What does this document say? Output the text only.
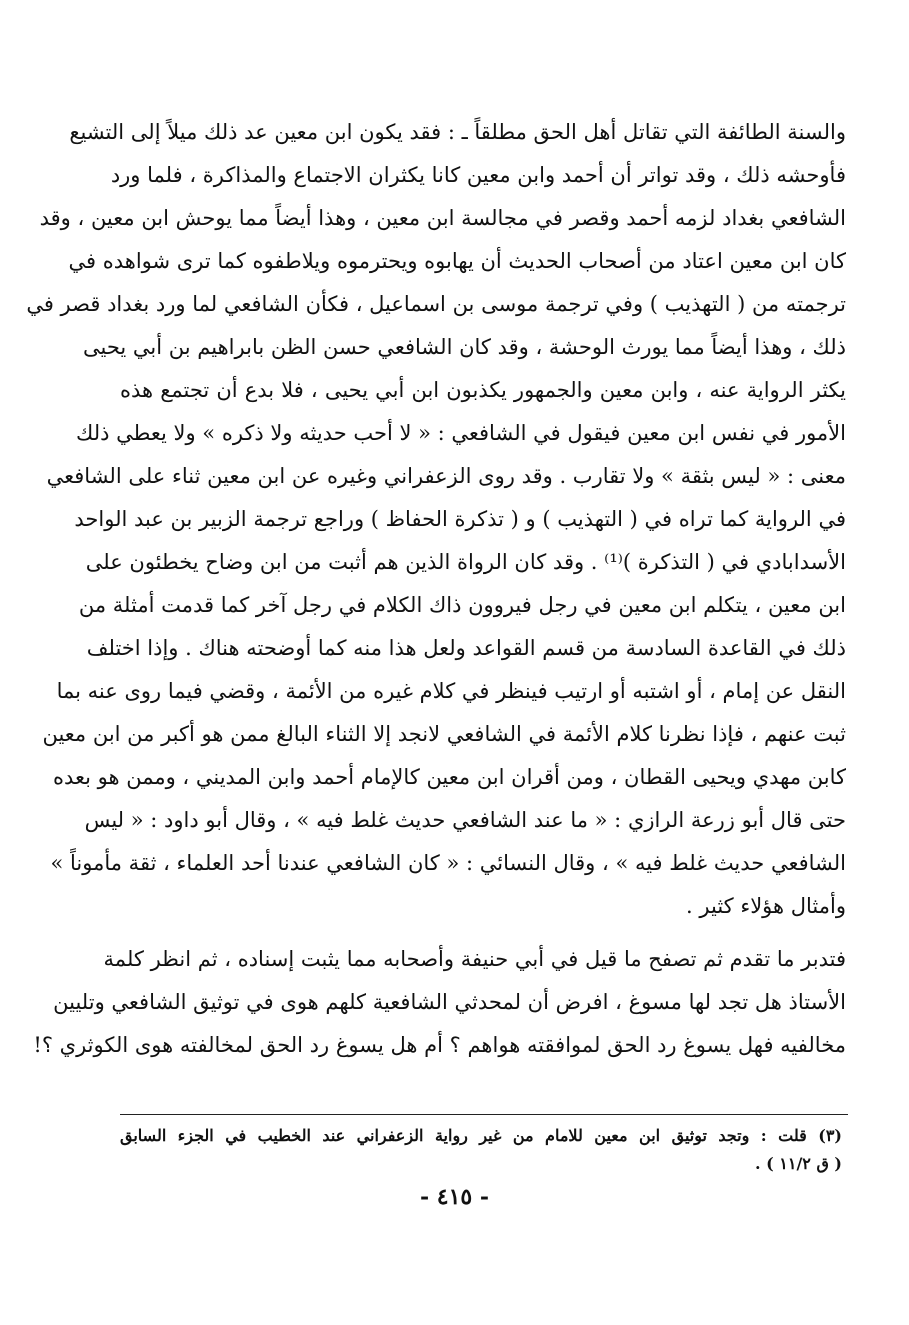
والسنة الطائفة التي تقاتل أهل الحق مطلقاً ـ : فقد يكون ابن معين عد ذلك ميلاً إلى التشيع
فأوحشه ذلك ، وقد تواتر أن أحمد وابن معين كانا يكثران الاجتماع والمذاكرة ، فلما ورد
الشافعي بغداد لزمه أحمد وقصر في مجالسة ابن معين ، وهذا أيضاً مما يوحش ابن معين ، وقد
كان ابن معين اعتاد من أصحاب الحديث أن يهابوه ويحترموه ويلاطفوه كما ترى شواهده في
ترجمته من ( التهذيب ) وفي ترجمة موسى بن اسماعيل ، فكأن الشافعي لما ورد بغداد قصر في
ذلك ، وهذا أيضاً مما يورث الوحشة ، وقد كان الشافعي حسن الظن بابراهيم بن أبي يحيى
يكثر الرواية عنه ، وابن معين والجمهور يكذبون ابن أبي يحيى ، فلا بدع أن تجتمع هذه
الأمور في نفس ابن معين فيقول في الشافعي : « لا أحب حديثه ولا ذكره » ولا يعطي ذلك
معنى : « ليس بثقة » ولا تقارب . وقد روى الزعفراني وغيره عن ابن معين ثناء على الشافعي
في الرواية كما تراه في ( التهذيب ) و ( تذكرة الحفاظ ) وراجع ترجمة الزبير بن عبد الواحد
الأسدابادي في ( التذكرة )⁽¹⁾ . وقد كان الرواة الذين هم أثبت من ابن وضاح يخطئون على
ابن معين ، يتكلم ابن معين في رجل فيروون ذاك الكلام في رجل آخر كما قدمت أمثلة من
ذلك في القاعدة السادسة من قسم القواعد ولعل هذا منه كما أوضحته هناك . وإذا اختلف
النقل عن إمام ، أو اشتبه أو ارتيب فينظر في كلام غيره من الأئمة ، وقضي فيما روى عنه بما
ثبت عنهم ، فإذا نظرنا كلام الأئمة في الشافعي لانجد إلا الثناء البالغ ممن هو أكبر من ابن معين
كابن مهدي ويحيى القطان ، ومن أقران ابن معين كالإمام أحمد وابن المديني ، وممن هو بعده
حتى قال أبو زرعة الرازي : « ما عند الشافعي حديث غلط فيه » ، وقال أبو داود : « ليس
الشافعي حديث غلط فيه » ، وقال النسائي : « كان الشافعي عندنا أحد العلماء ، ثقة مأموناً »
وأمثال هؤلاء كثير .
فتدبر ما تقدم ثم تصفح ما قيل في أبي حنيفة وأصحابه مما يثبت إسناده ، ثم انظر كلمة
الأستاذ هل تجد لها مسوغ ، افرض أن لمحدثي الشافعية كلهم هوى في توثيق الشافعي وتليين
مخالفيه فهل يسوغ رد الحق لموافقته هواهم ؟ أم هل يسوغ رد الحق لمخالفته هوى الكوثري ؟!
(٣) قلت : وتجد توثيق ابن معين للامام من غير رواية الزعفراني عند الخطيب في الجزء السابق
( ق ١١/٢ ) .
- ٤١٥ -
